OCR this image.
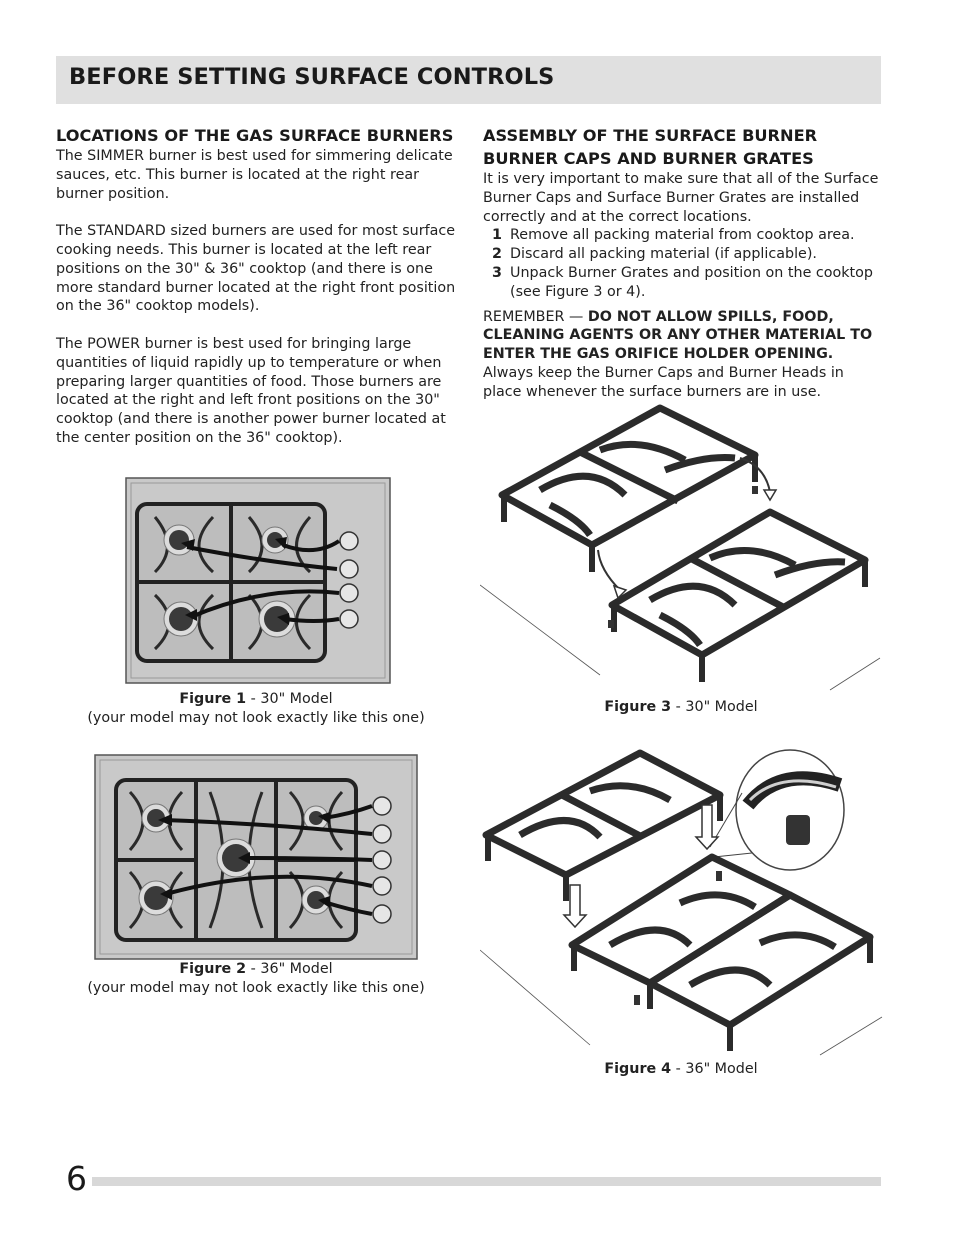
BEFORE SETTING SURFACE CONTROLS
LOCATIONS OF THE GAS SURFACE BURNERS

The SIMMER burner is best used for simmering delicate sauces, etc. This burner is located at the right rear burner position.

The STANDARD sized burners are used for most surface cooking needs. This burner is located at the left rear positions on the 30" & 36" cooktop (and there is one more standard burner located at the right front position on the 36" cooktop models).

The POWER burner is best used for bringing large quantities of liquid rapidly up to temperature or when preparing larger quantities of food. Those burners are located at the right and left front positions on the 30" cooktop (and there is another power burner located at the center position on the 36" cooktop).

ASSEMBLY OF THE SURFACE BURNER BURNER CAPS AND BURNER GRATES

It is very important to make sure that all of the Surface Burner Caps and Surface Burner Grates are installed correctly and at the correct locations.

1 Remove all packing material from cooktop area.
2 Discard all packing material (if applicable).
3 Unpack Burner Grates and position on the cooktop (see Figure 3 or 4).

REMEMBER — DO NOT ALLOW SPILLS, FOOD, CLEANING AGENTS OR ANY OTHER MATERIAL TO ENTER THE GAS ORIFICE HOLDER OPENING. Always keep the Burner Caps and Burner Heads in place whenever the surface burners are in use.

Figure 1 - 30" Model
(your model may not look exactly like this one)
Figure 2 - 36" Model
(your model may not look exactly like this one)
Figure 3 - 30" Model
Figure 4 - 36" Model
6
